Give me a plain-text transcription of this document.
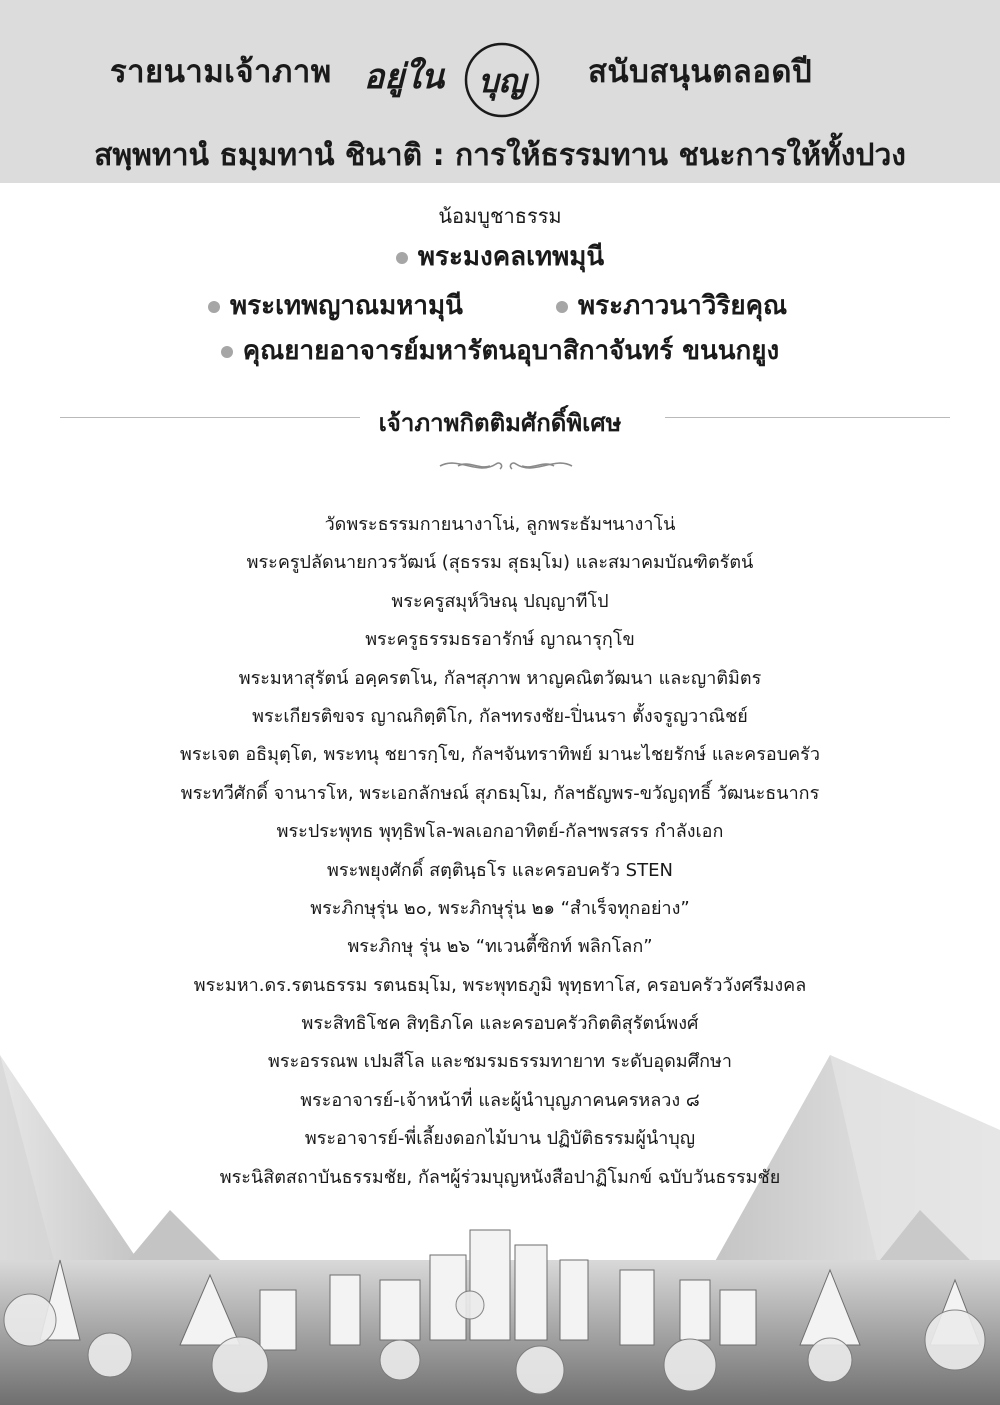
รายนามเจ้าภาพ อยู่ใน บุญ สนับสนุนตลอดปี
สพฺพทานํ ธมฺมทานํ ชินาติ : การให้ธรรมทาน ชนะการให้ทั้งปวง
น้อมบูชาธรรม
พระมงคลเทพมุนี
พระเทพญาณมหามุนี	พระภาวนาวิริยคุณ
คุณยายอาจารย์มหารัตนอุบาสิกาจันทร์ ขนนกยูง
เจ้าภาพกิตติมศักดิ์พิเศษ
วัดพระธรรมกายนางาโน่, ลูกพระธัมฯนางาโน่
พระครูปลัดนายกวรวัฒน์ (สุธรรม สุธมฺโม) และสมาคมบัณฑิตรัตน์
พระครูสมุห์วิษณุ ปญฺญาทีโป
พระครูธรรมธรอารักษ์ ญาณารุกฺโข
พระมหาสุรัตน์ อคฺครตโน, กัลฯสุภาพ หาญคณิตวัฒนา และญาติมิตร
พระเกียรติขจร ญาณกิตฺติโก, กัลฯทรงชัย-ปิ่นนรา ตั้งจรูญวาณิชย์
พระเจต อธิมุตฺโต, พระทนุ ชยารกฺโข, กัลฯจันทราทิพย์ มานะไชยรักษ์ และครอบครัว
พระทวีศักดิ์ จานารโห, พระเอกลักษณ์ สุภธมฺโม, กัลฯธัญพร-ขวัญฤทธิ์ วัฒนะธนากร
พระประพุทธ พุทฺธิพโล-พลเอกอาทิตย์-กัลฯพรสรร กำลังเอก
พระพยุงศักดิ์ สตฺตินฺธโร และครอบครัว STEN
พระภิกษุรุ่น ๒๐, พระภิกษุรุ่น ๒๑ “สำเร็จทุกอย่าง”
พระภิกษุ รุ่น ๒๖ “ทเวนตี้ซิกท์ พลิกโลก”
พระมหา.ดร.รตนธรรม รตนธมฺโม, พระพุทธภูมิ พุทฺธทาโส, ครอบครัววังศรีมงคล
พระสิทธิโชค สิทฺธิภโค และครอบครัวกิตติสุรัตน์พงศ์
พระอรรณพ เปมสีโล และชมรมธรรมทายาท ระดับอุดมศึกษา
พระอาจารย์-เจ้าหน้าที่ และผู้นำบุญภาคนครหลวง ๘
พระอาจารย์-พี่เลี้ยงดอกไม้บาน ปฏิบัติธรรมผู้นำบุญ
พระนิสิตสถาบันธรรมชัย, กัลฯผู้ร่วมบุญหนังสือปาฏิโมกข์ ฉบับวันธรรมชัย
